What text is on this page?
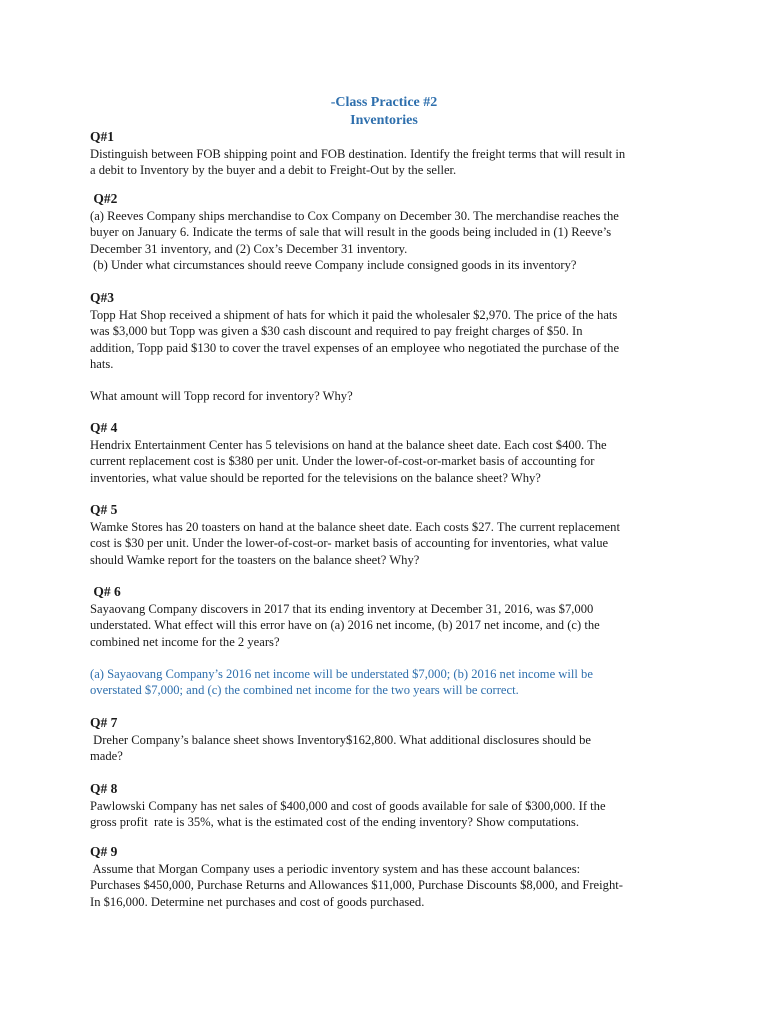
-Class Practice #2
Inventories
Q#1
Distinguish between FOB shipping point and FOB destination. Identify the freight terms that will result in
a debit to Inventory by the buyer and a debit to Freight-Out by the seller.
Q#2
(a) Reeves Company ships merchandise to Cox Company on December 30. The merchandise reaches the
buyer on January 6. Indicate the terms of sale that will result in the goods being included in (1) Reeve’s
December 31 inventory, and (2) Cox’s December 31 inventory.
(b) Under what circumstances should reeve Company include consigned goods in its inventory?
Q#3
Topp Hat Shop received a shipment of hats for which it paid the wholesaler $2,970. The price of the hats
was $3,000 but Topp was given a $30 cash discount and required to pay freight charges of $50. In
addition, Topp paid $130 to cover the travel expenses of an employee who negotiated the purchase of the
hats.
What amount will Topp record for inventory? Why?
Q# 4
Hendrix Entertainment Center has 5 televisions on hand at the balance sheet date. Each cost $400. The
current replacement cost is $380 per unit. Under the lower-of-cost-or-market basis of accounting for
inventories, what value should be reported for the televisions on the balance sheet? Why?
Q# 5
Wamke Stores has 20 toasters on hand at the balance sheet date. Each costs $27. The current replacement
cost is $30 per unit. Under the lower-of-cost-or- market basis of accounting for inventories, what value
should Wamke report for the toasters on the balance sheet? Why?
Q# 6
Sayaovang Company discovers in 2017 that its ending inventory at December 31, 2016, was $7,000
understated. What effect will this error have on (a) 2016 net income, (b) 2017 net income, and (c) the
combined net income for the 2 years?
(a) Sayaovang Company’s 2016 net income will be understated $7,000; (b) 2016 net income will be
overstated $7,000; and (c) the combined net income for the two years will be correct.
Q# 7
Dreher Company’s balance sheet shows Inventory$162,800. What additional disclosures should be
made?
Q# 8
Pawlowski Company has net sales of $400,000 and cost of goods available for sale of $300,000. If the
gross profit  rate is 35%, what is the estimated cost of the ending inventory? Show computations.
Q# 9
Assume that Morgan Company uses a periodic inventory system and has these account balances:
Purchases $450,000, Purchase Returns and Allowances $11,000, Purchase Discounts $8,000, and Freight-
In $16,000. Determine net purchases and cost of goods purchased.
